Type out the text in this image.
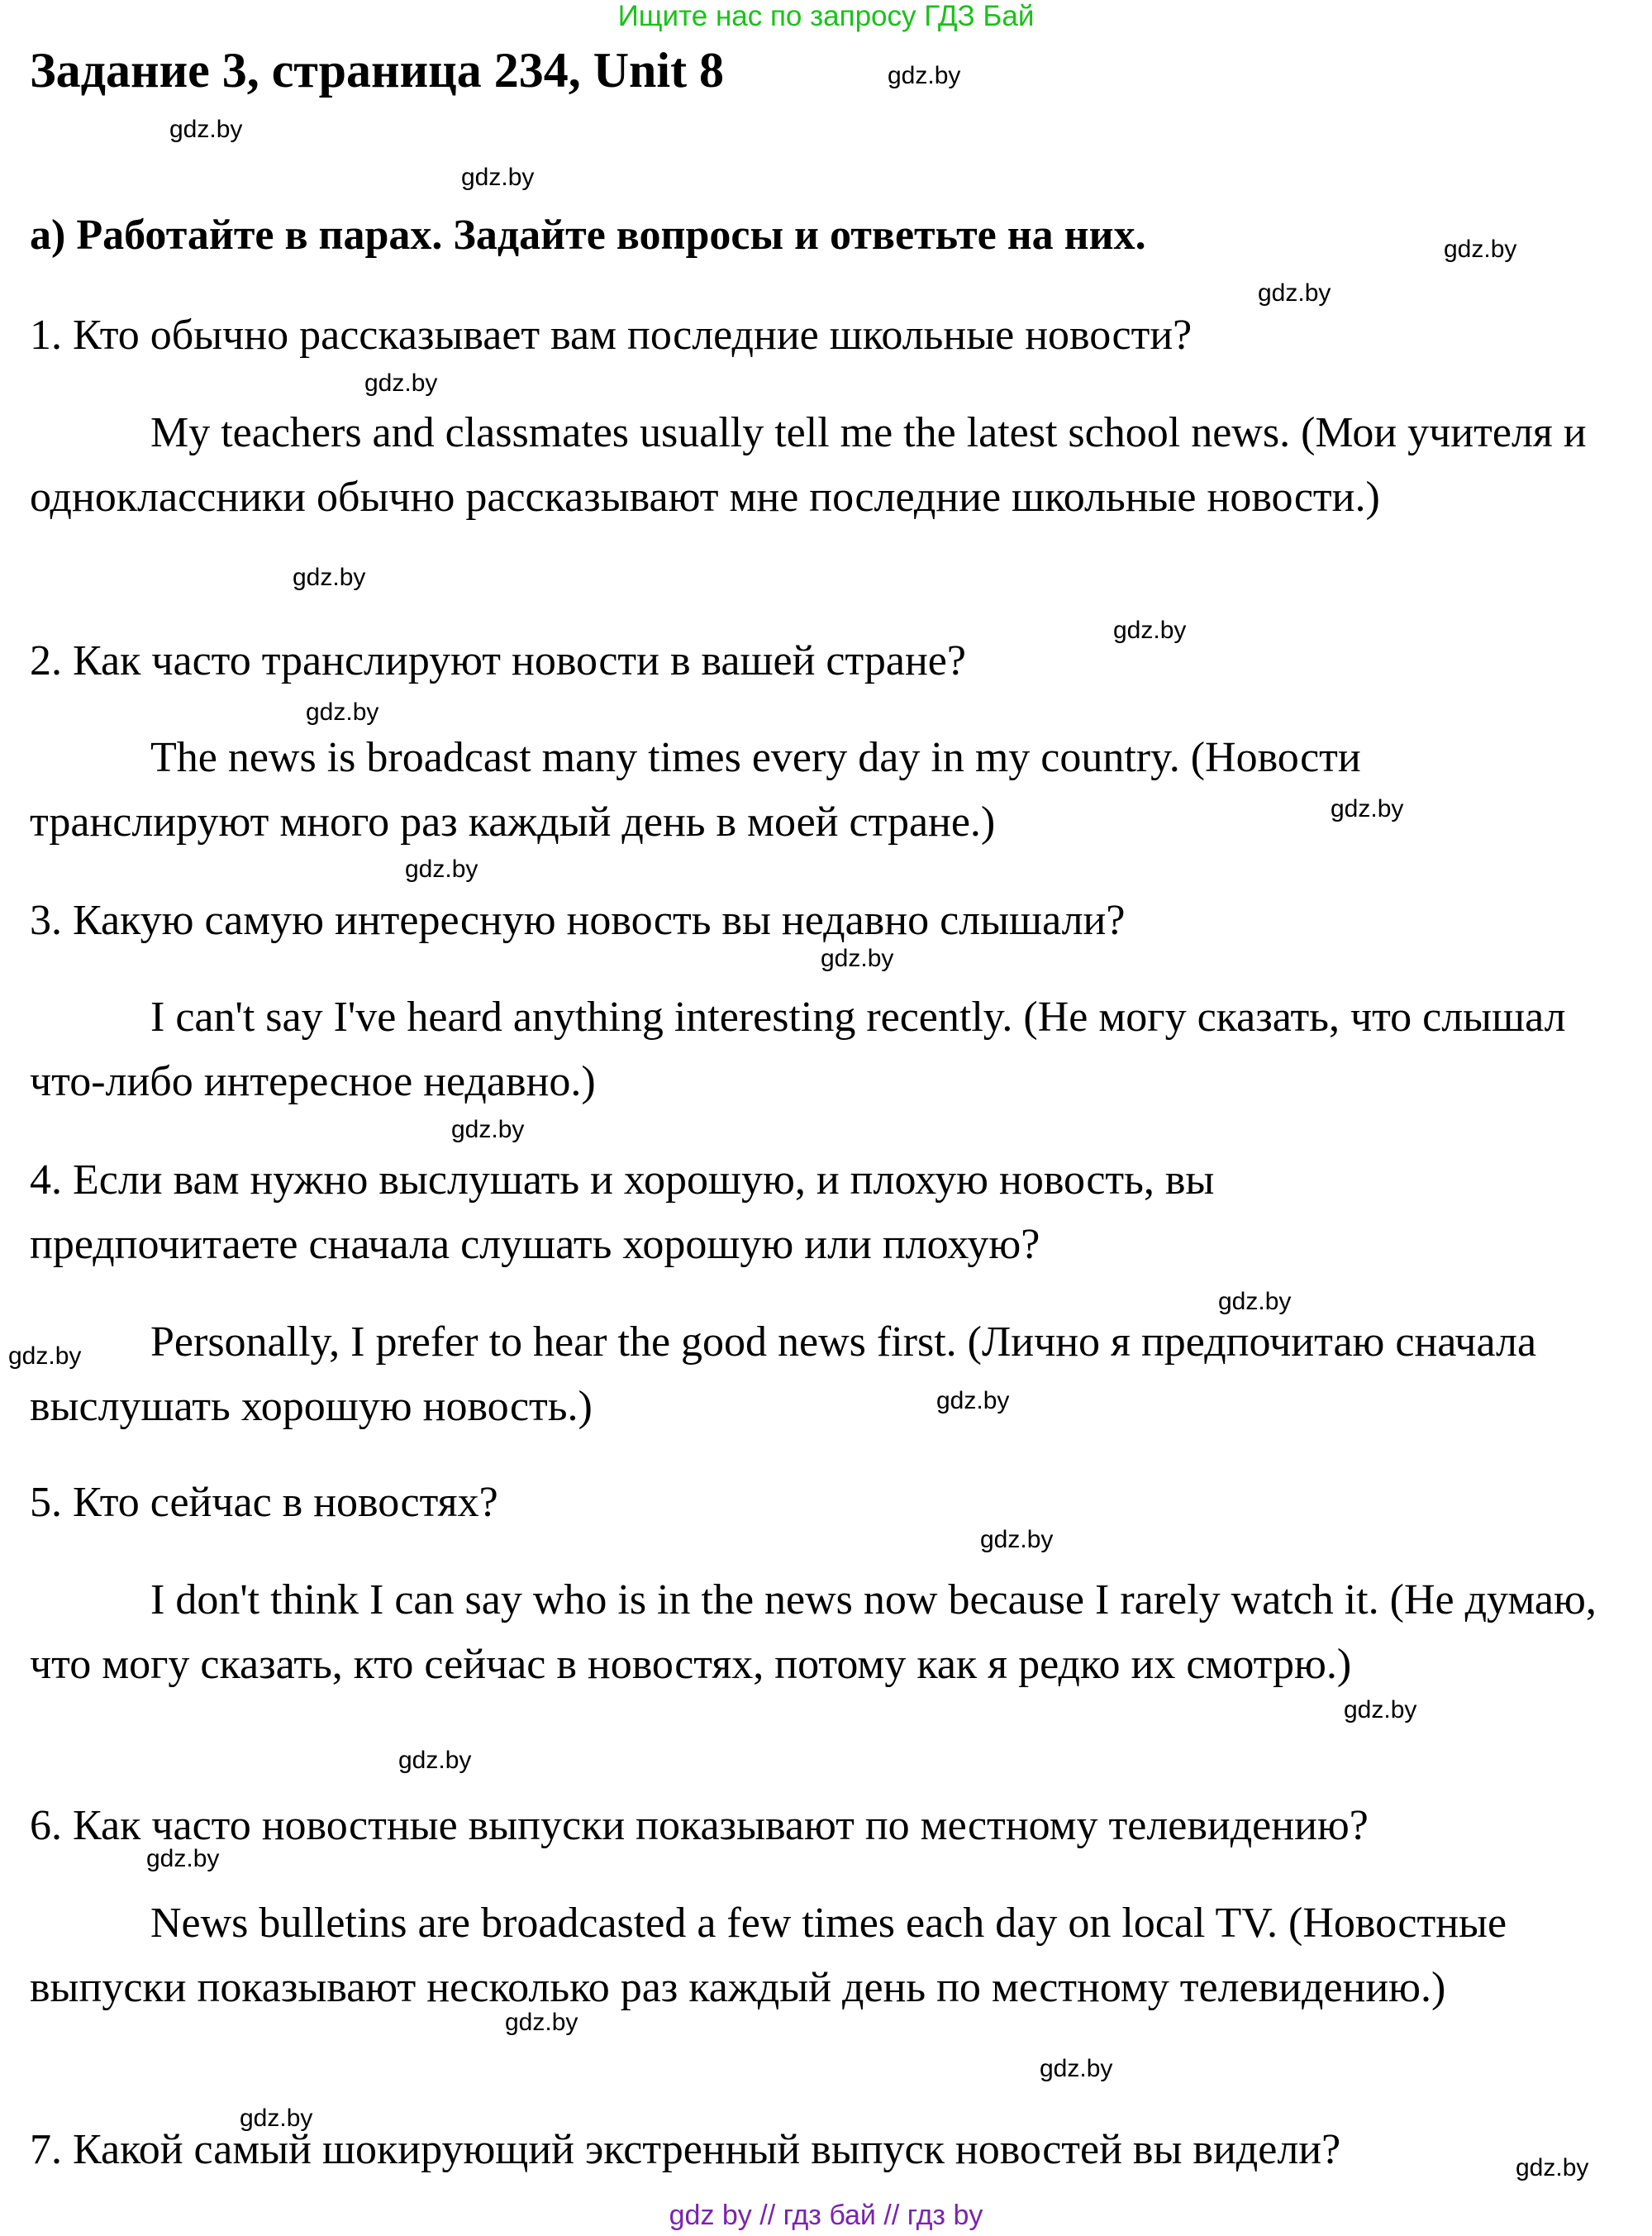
Ищите нас по запросу ГДЗ Бай
Задание 3, страница 234, Unit 8
a) Работайте в парах. Задайте вопросы и ответьте на них.
1. Кто обычно рассказывает вам последние школьные новости?

My teachers and classmates usually tell me the latest school news. (Мои учителя и одноклассники обычно рассказывают мне последние школьные новости.)

2. Как часто транслируют новости в вашей стране?

The news is broadcast many times every day in my country. (Новости транслируют много раз каждый день в моей стране.)

3. Какую самую интересную новость вы недавно слышали?

I can't say I've heard anything interesting recently. (Не могу сказать, что слышал что-либо интересное недавно.)

4. Если вам нужно выслушать и хорошую, и плохую новость, вы
предпочитаете сначала слушать хорошую или плохую?

Personally, I prefer to hear the good news first. (Лично я предпочитаю сначала выслушать хорошую новость.)

5. Кто сейчас в новостях?

I don't think I can say who is in the news now because I rarely watch it. (Не думаю, что могу сказать, кто сейчас в новостях, потому как я редко их смотрю.)

6. Как часто новостные выпуски показывают по местному телевидению?

News bulletins are broadcasted a few times each day on local TV. (Новостные выпуски показывают несколько раз каждый день по местному телевидению.)

7. Какой самый шокирующий экстренный выпуск новостей вы видели?
gdz.by
gdz.by
gdz.by
gdz.by
gdz.by
gdz.by
gdz.by
gdz.by
gdz.by
gdz.by
gdz.by
gdz.by
gdz.by
gdz.by
gdz.by
gdz.by
gdz.by
gdz.by
gdz.by
gdz.by
gdz.by
gdz.by
gdz.by
gdz.by
gdz by // гдз бай // гдз by
